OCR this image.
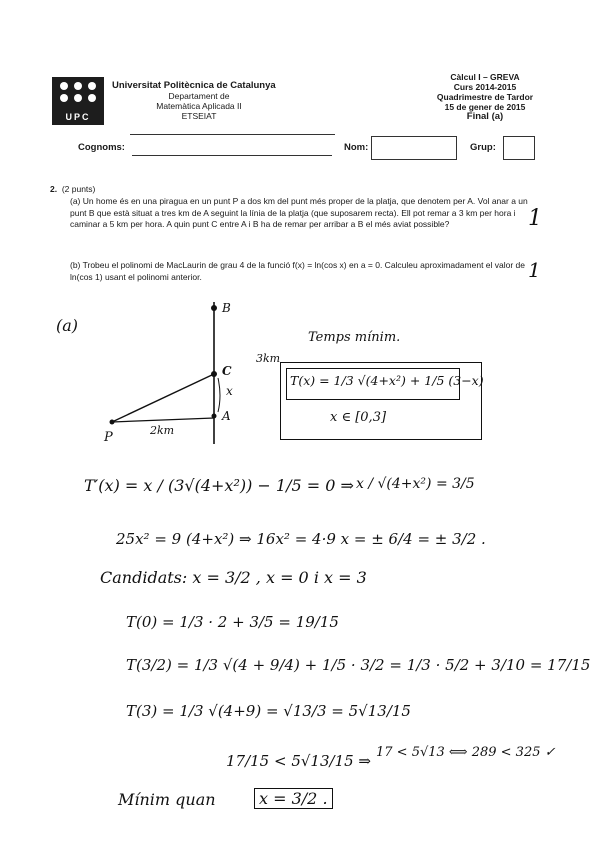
UPC
Universitat Politècnica de Catalunya
Departament de
Matemàtica Aplicada II
ETSEIAT
Càlcul I – GREVA
Curs 2014-2015
Quadrimestre de Tardor
15 de gener de 2015
Final (a)
Cognoms:	Nom:	Grup:
2. (2 punts)
(a) Un home és en una piragua en un punt P a dos km del punt més proper de la platja, que denotem per A. Vol anar a un punt B que està situat a tres km de A seguint la línia de la platja (que suposarem recta). Ell pot remar a 3 km per hora i caminar a 5 km per hora. A quin punt C entre A i B ha de remar per arribar a B el més aviat possible?	1
(b) Trobeu el polinomi de MacLaurin de grau 4 de la funció f(x) = ln(cos x) en a = 0. Calculeu aproximadament el valor de ln(cos 1) usant el polinomi anterior.	1
(a)
B
C
x
A
P	2km
3km
Temps mínim.
T(x) = 1/3 √(4+x²) + 1/5 (3−x)
x ∈ [0,3]
T′(x) = x / (3√(4+x²)) − 1/5 = 0 ⇒ x / √(4+x²) = 3/5
25x² = 9 (4+x²) ⇒ 16x² = 4·9 x = ± 6/4 = ± 3/2 .
Candidats: x = 3/2 , x = 0 i x = 3
T(0) = 1/3 · 2 + 3/5 = 19/15
T(3/2) = 1/3 √(4 + 9/4) + 1/5 · 3/2 = 1/3 · 5/2 + 3/10 = 17/15
T(3) = 1/3 √(4+9) = √13/3 = 5√13/15
17/15 < 5√13/15 ⇒ 17 < 5√13 ⟺ 289 < 325 ✓
Mínim quan	x = 3/2 .
